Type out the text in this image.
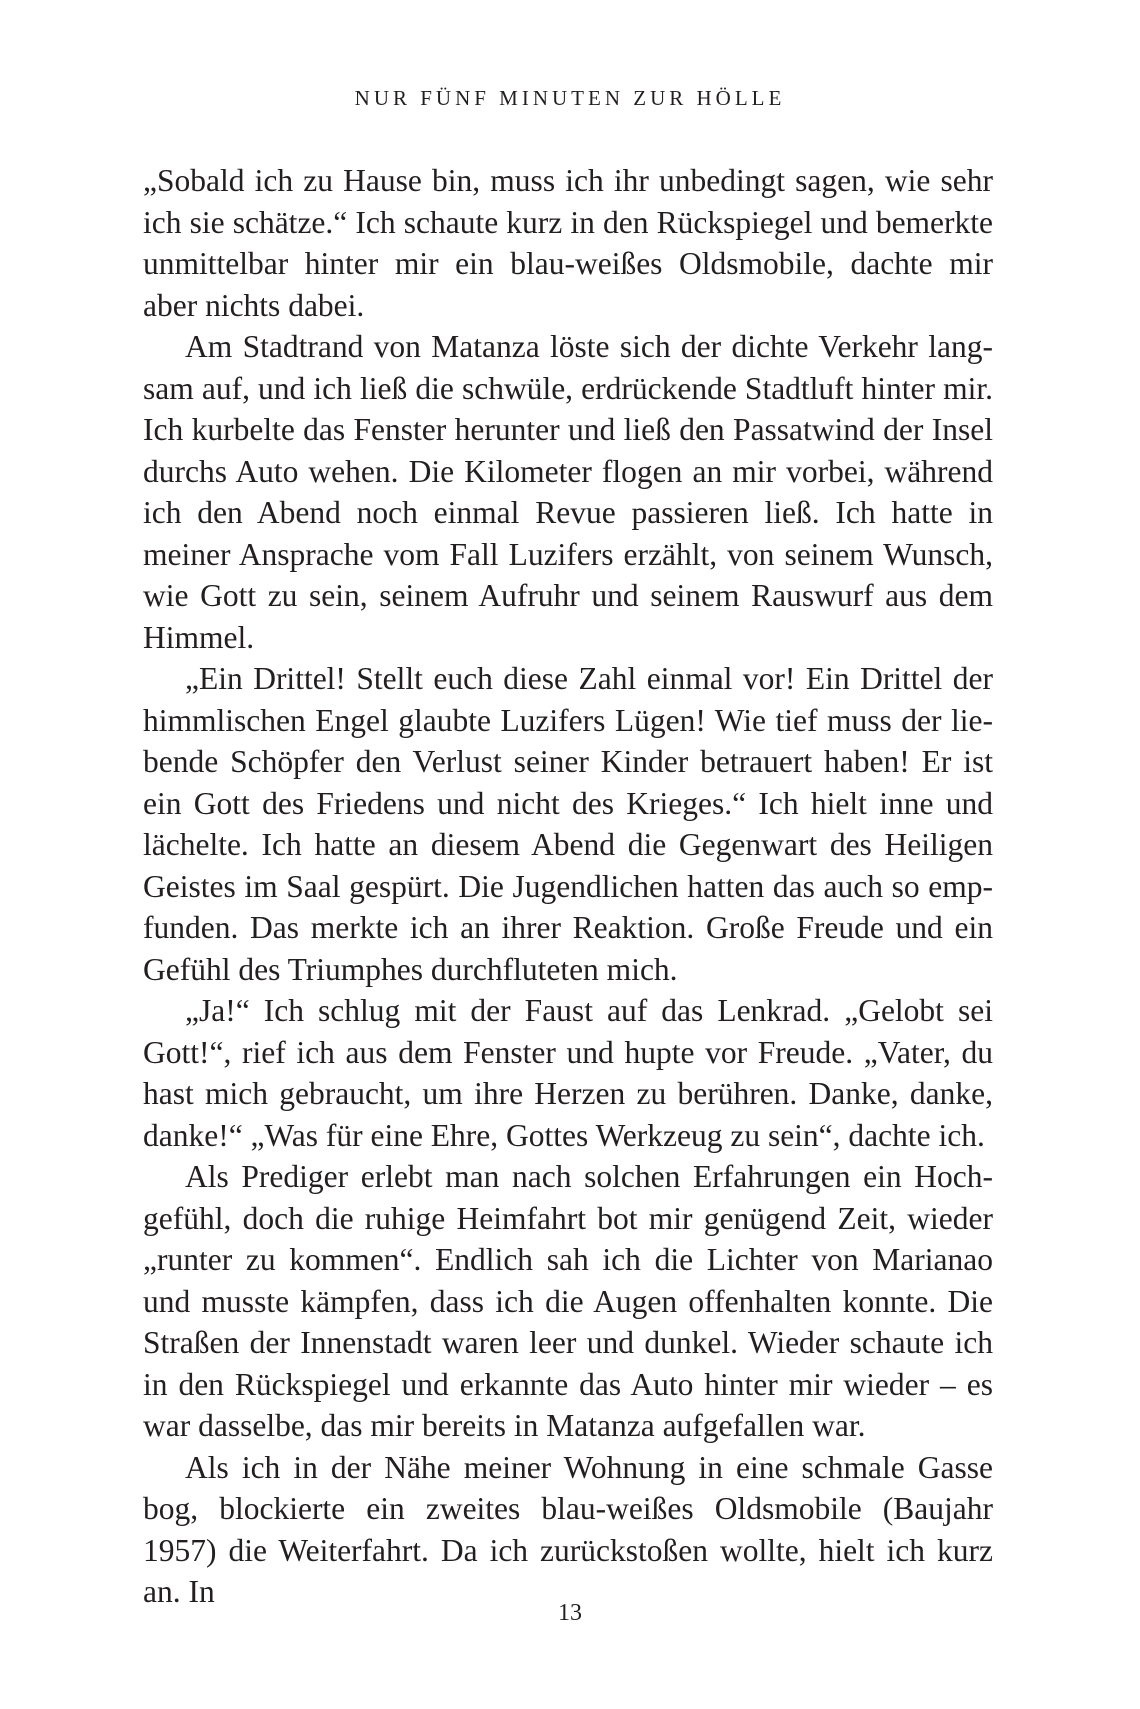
NUR FÜNF MINUTEN ZUR HÖLLE

„Sobald ich zu Hause bin, muss ich ihr unbedingt sagen, wie sehr ich sie schätze.“ Ich schaute kurz in den Rückspiegel und bemerkte unmittelbar hinter mir ein blau-weißes Oldsmobile, dachte mir aber nichts dabei.

Am Stadtrand von Matanza löste sich der dichte Verkehr langsam auf, und ich ließ die schwüle, erdrückende Stadtluft hinter mir. Ich kurbelte das Fenster herunter und ließ den Passatwind der Insel durchs Auto wehen. Die Kilometer flogen an mir vorbei, während ich den Abend noch einmal Revue passieren ließ. Ich hatte in meiner Ansprache vom Fall Luzifers erzählt, von seinem Wunsch, wie Gott zu sein, seinem Aufruhr und seinem Rauswurf aus dem Himmel.

„Ein Drittel! Stellt euch diese Zahl einmal vor! Ein Drittel der himmlischen Engel glaubte Luzifers Lügen! Wie tief muss der liebende Schöpfer den Verlust seiner Kinder betrauert haben! Er ist ein Gott des Friedens und nicht des Krieges.“ Ich hielt inne und lächelte. Ich hatte an diesem Abend die Gegenwart des Heiligen Geistes im Saal gespürt. Die Jugendlichen hatten das auch so empfunden. Das merkte ich an ihrer Reaktion. Große Freude und ein Gefühl des Triumphes durchfluteten mich.

„Ja!“ Ich schlug mit der Faust auf das Lenkrad. „Gelobt sei Gott!“, rief ich aus dem Fenster und hupte vor Freude. „Vater, du hast mich gebraucht, um ihre Herzen zu berühren. Danke, danke, danke!“ „Was für eine Ehre, Gottes Werkzeug zu sein“, dachte ich.

Als Prediger erlebt man nach solchen Erfahrungen ein Hochgefühl, doch die ruhige Heimfahrt bot mir genügend Zeit, wieder „runter zu kommen“. Endlich sah ich die Lichter von Marianao und musste kämpfen, dass ich die Augen offenhalten konnte. Die Straßen der Innenstadt waren leer und dunkel. Wieder schaute ich in den Rückspiegel und erkannte das Auto hinter mir wieder – es war dasselbe, das mir bereits in Matanza aufgefallen war.

Als ich in der Nähe meiner Wohnung in eine schmale Gasse bog, blockierte ein zweites blau-weißes Oldsmobile (Baujahr 1957) die Weiterfahrt. Da ich zurückstoßen wollte, hielt ich kurz an. In

13
